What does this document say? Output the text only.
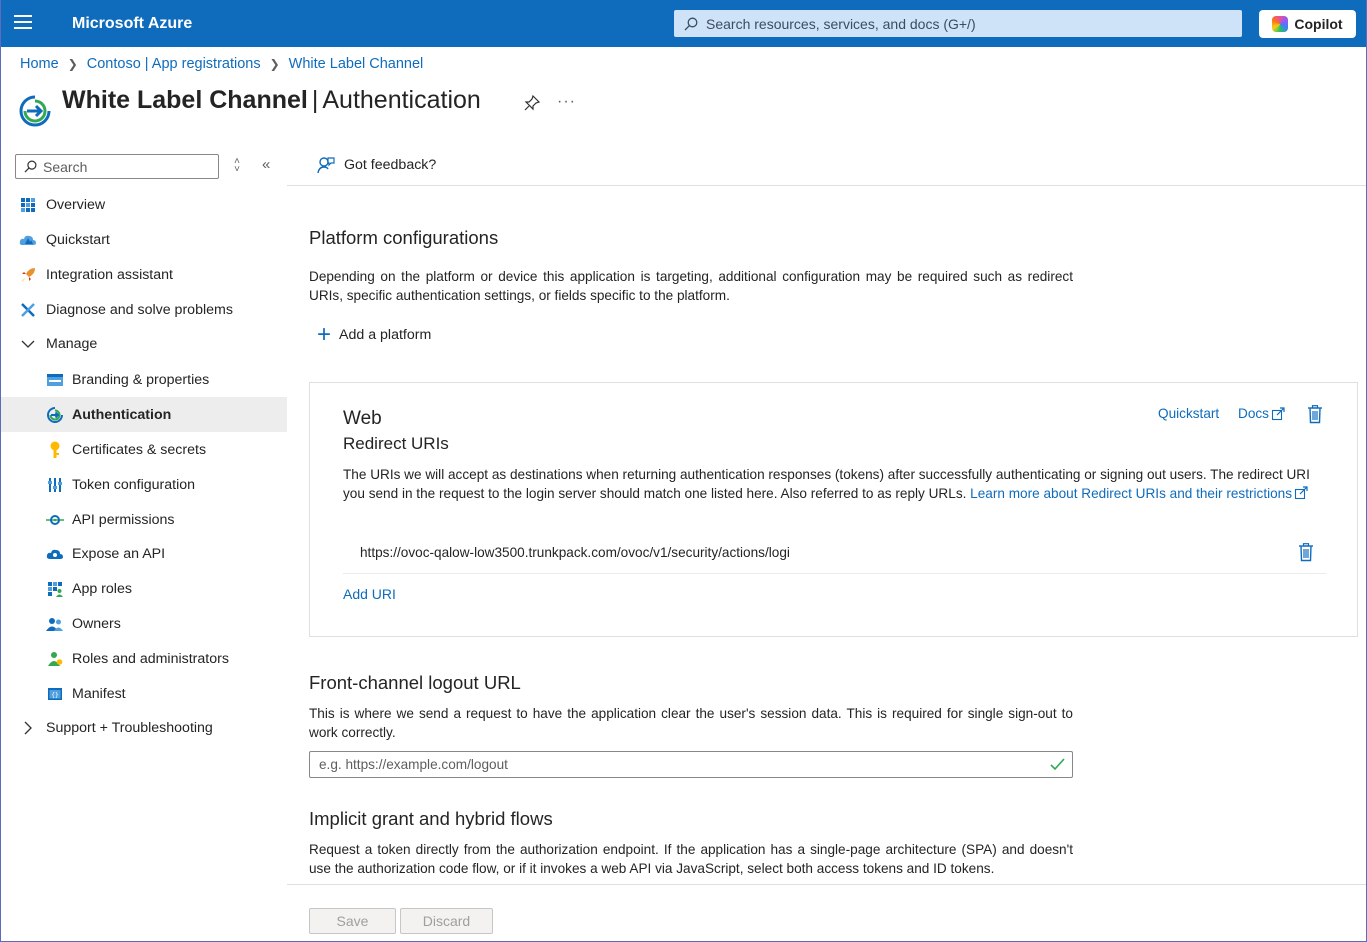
Microsoft Azure	Search resources, services, and docs (G+/)	Copilot
Home ❯ Contoso | App registrations ❯ White Label Channel
White Label Channel | Authentication	···
Search	˄
˅ «
Overview
Quickstart
Integration assistant
Diagnose and solve problems
Manage
Branding & properties
Authentication
Certificates & secrets
Token configuration
API permissions
Expose an API
App roles
Owners
Roles and administrators
{} Manifest
Support + Troubleshooting
Got feedback?
Platform configurations
Depending on the platform or device this application is targeting, additional configuration may be required such as redirect URIs, specific authentication settings, or fields specific to the platform.
+ Add a platform
Web
Redirect URIs
Quickstart Docs
The URIs we will accept as destinations when returning authentication responses (tokens) after successfully authenticating or signing out users. The redirect URI you send in the request to the login server should match one listed here. Also referred to as reply URLs. Learn more about Redirect URIs and their restrictions
https://ovoc-qalow-low3500.trunkpack.com/ovoc/v1/security/actions/logi
Add URI
Front-channel logout URL
This is where we send a request to have the application clear the user's session data. This is required for single sign-out to work correctly.
e.g. https://example.com/logout
Implicit grant and hybrid flows
Request a token directly from the authorization endpoint. If the application has a single-page architecture (SPA) and doesn't use the authorization code flow, or if it invokes a web API via JavaScript, select both access tokens and ID tokens.
Save	Discard
